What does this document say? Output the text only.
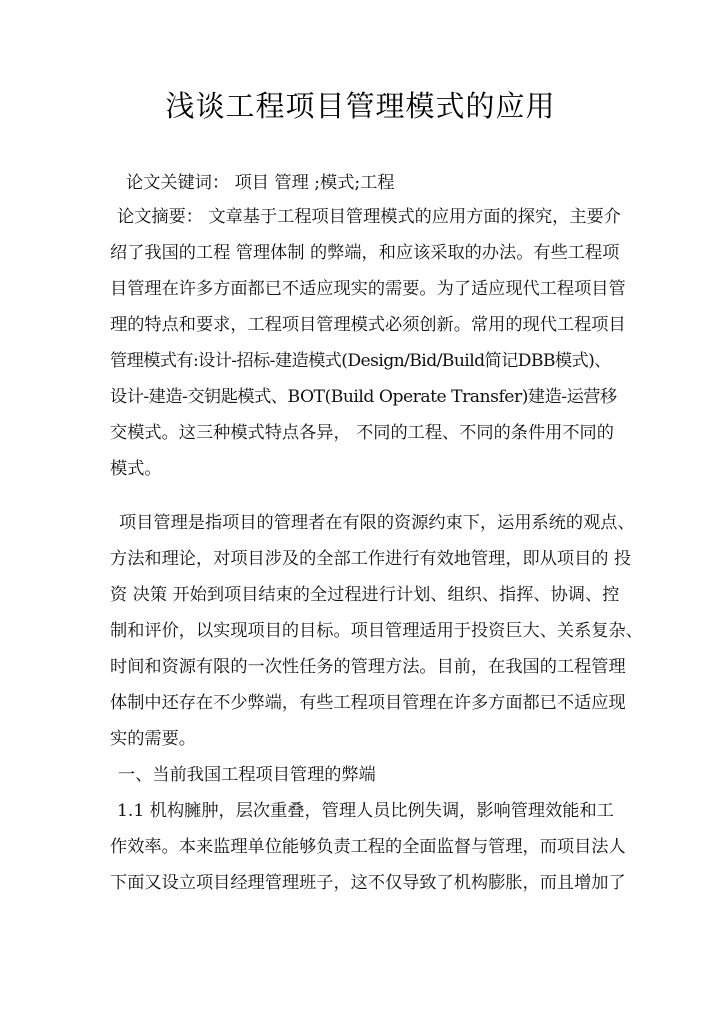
浅谈工程项目管理模式的应用
论文关键词： 项目 管理 ;模式;工程
论文摘要： 文章基于工程项目管理模式的应用方面的探究，主要介
绍了我国的工程 管理体制 的弊端，和应该采取的办法。有些工程项
目管理在许多方面都已不适应现实的需要。为了适应现代工程项目管
理的特点和要求，工程项目管理模式必须创新。常用的现代工程项目
管理模式有:设计-招标-建造模式(Design/Bid/Build简记DBB模式)、
设计-建造-交钥匙模式、BOT(Build Operate Transfer)建造-运营移
交模式。这三种模式特点各异， 不同的工程、不同的条件用不同的
模式。
项目管理是指项目的管理者在有限的资源约束下，运用系统的观点、
方法和理论，对项目涉及的全部工作进行有效地管理，即从项目的 投
资 决策 开始到项目结束的全过程进行计划、组织、指挥、协调、控
制和评价，以实现项目的目标。项目管理适用于投资巨大、关系复杂、
时间和资源有限的一次性任务的管理方法。目前，在我国的工程管理
体制中还存在不少弊端，有些工程项目管理在许多方面都已不适应现
实的需要。
一、当前我国工程项目管理的弊端
1.1 机构臃肿，层次重叠，管理人员比例失调，影响管理效能和工
作效率。本来监理单位能够负责工程的全面监督与管理，而项目法人
下面又设立项目经理管理班子，这不仅导致了机构膨胀，而且增加了
